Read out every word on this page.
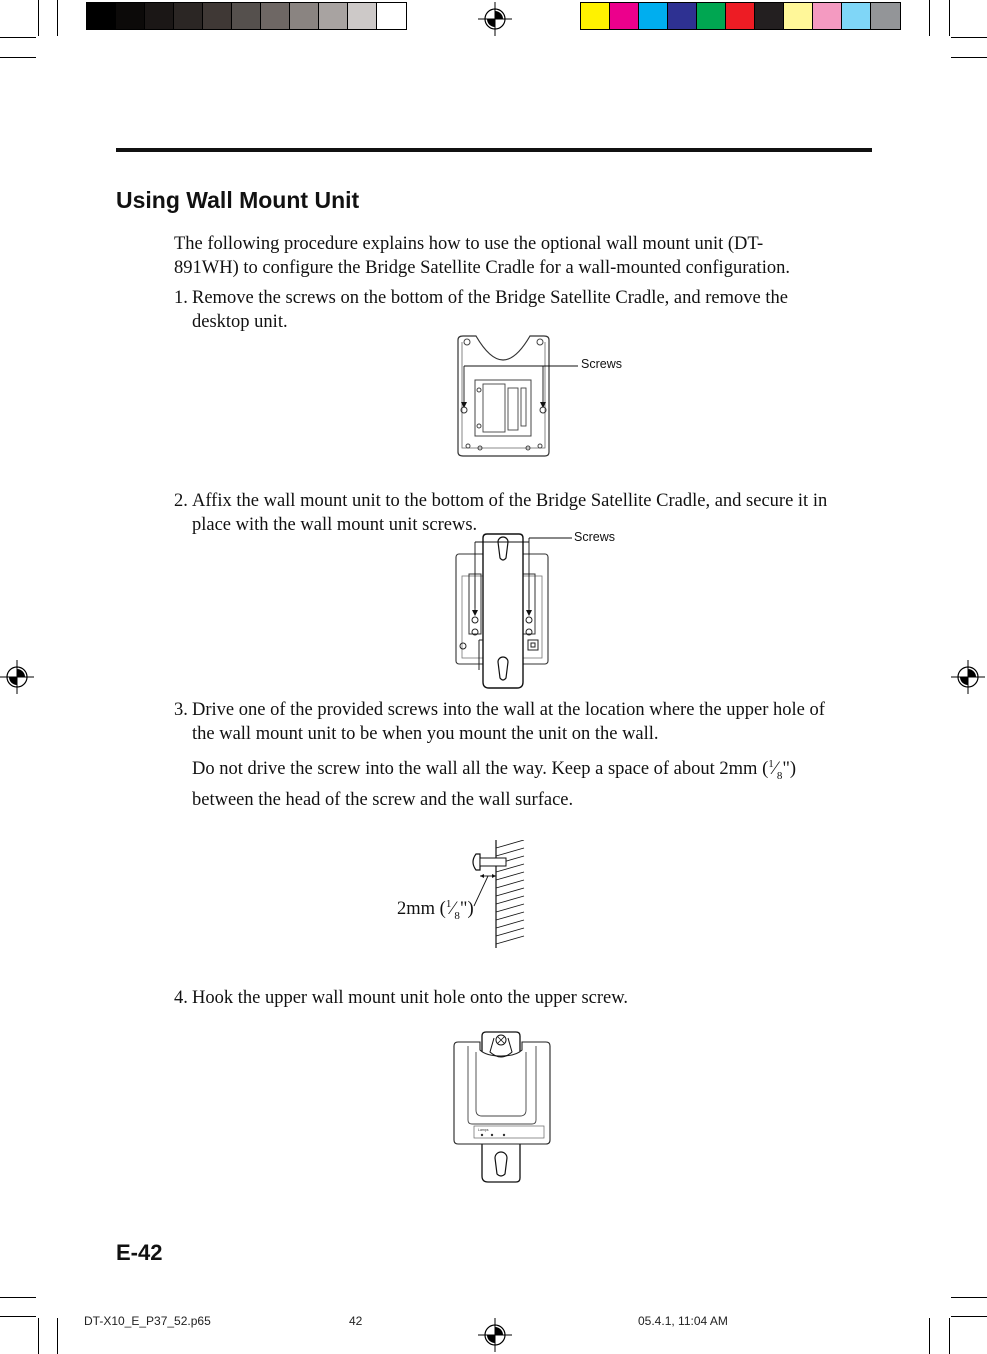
Using Wall Mount Unit
The following procedure explains how to use the optional wall mount unit (DT-
891WH) to configure the Bridge Satellite Cradle for a wall-mounted configuration.
1. Remove the screws on the bottom of the Bridge Satellite Cradle, and remove the
desktop unit.
Screws
2. Affix the wall mount unit to the bottom of the Bridge Satellite Cradle, and secure it in
place with the wall mount unit screws.
Screws
3. Drive one of the provided screws into the wall at the location where the upper hole of
the wall mount unit to be when you mount the unit on the wall.
Do not drive the screw into the wall all the way. Keep a space of about 2mm $(^1⁄_8")$
between the head of the screw and the wall surface.
2mm $(^1⁄_8")$
4. Hook the upper wall mount unit hole onto the upper screw.
Lamps
E-42
DT-X10_E_P37_52.p65	42	05.4.1, 11:04 AM
